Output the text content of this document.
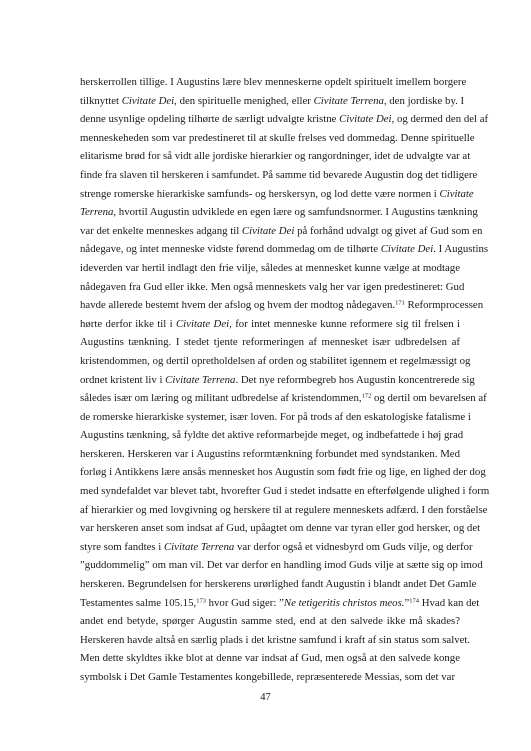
herskerrollen tillige. I Augustins lære blev menneskerne opdelt spirituelt imellem borgere
tilknyttet Civitate Dei, den spirituelle menighed, eller Civitate Terrena, den jordiske by. I
denne usynlige opdeling tilhørte de særligt udvalgte kristne Civitate Dei, og dermed den del af
menneskeheden som var predestineret til at skulle frelses ved dommedag. Denne spirituelle
elitarisme brød for så vidt alle jordiske hierarkier og rangordninger, idet de udvalgte var at
finde fra slaven til herskeren i samfundet. På samme tid bevarede Augustin dog det tidligere
strenge romerske hierarkiske samfunds- og herskersyn, og lod dette være normen i Civitate
Terrena, hvortil Augustin udviklede en egen lære og samfundsnormer. I Augustins tænkning
var det enkelte menneskes adgang til Civitate Dei på forhånd udvalgt og givet af Gud som en
nådegave, og intet menneske vidste førend dommedag om de tilhørte Civitate Dei. I Augustins
ideverden var hertil indlagt den frie vilje, således at mennesket kunne vælge at modtage
nådegaven fra Gud eller ikke. Men også menneskets valg her var igen predestineret: Gud
havde allerede bestemt hvem der afslog og hvem der modtog nådegaven.$^{171}$ Reformprocessen
hørte derfor ikke til i Civitate Dei, for intet menneske kunne reformere sig til frelsen i
Augustins tænkning. I stedet tjente reformeringen af mennesket især udbredelsen af
kristendommen, og dertil opretholdelsen af orden og stabilitet igennem et regelmæssigt og
ordnet kristent liv i Civitate Terrena. Det nye reformbegreb hos Augustin koncentrerede sig
således især om læring og militant udbredelse af kristendommen,$^{172}$ og dertil om bevarelsen af
de romerske hierarkiske systemer, især loven. For på trods af den eskatologiske fatalisme i
Augustins tænkning, så fyldte det aktive reformarbejde meget, og indbefattede i høj grad
herskeren. Herskeren var i Augustins reformtænkning forbundet med syndstanken. Med
forløg i Antikkens lære ansås mennesket hos Augustin som født frie og lige, en lighed der dog
med syndefaldet var blevet tabt, hvorefter Gud i stedet indsatte en efterfølgende ulighed i form
af hierarkier og med lovgivning og herskere til at regulere menneskets adfærd. I den forståelse
var herskeren anset som indsat af Gud, upåagtet om denne var tyran eller god hersker, og det
styre som fandtes i Civitate Terrena var derfor også et vidnesbyrd om Guds vilje, og derfor
”guddommelig” om man vil. Det var derfor en handling imod Guds vilje at sætte sig op imod
herskeren. Begrundelsen for herskerens urørlighed fandt Augustin i blandt andet Det Gamle
Testamentes salme 105.15,$^{173}$ hvor Gud siger: ”Ne tetigeritis christos meos.”$^{174}$ Hvad kan det
andet end betyde, spørger Augustin samme sted, end at den salvede ikke må skades?
Herskeren havde altså en særlig plads i det kristne samfund i kraft af sin status som salvet.
Men dette skyldtes ikke blot at denne var indsat af Gud, men også at den salvede konge
symbolsk i Det Gamle Testamentes kongebillede, repræsenterede Messias, som det var
47
